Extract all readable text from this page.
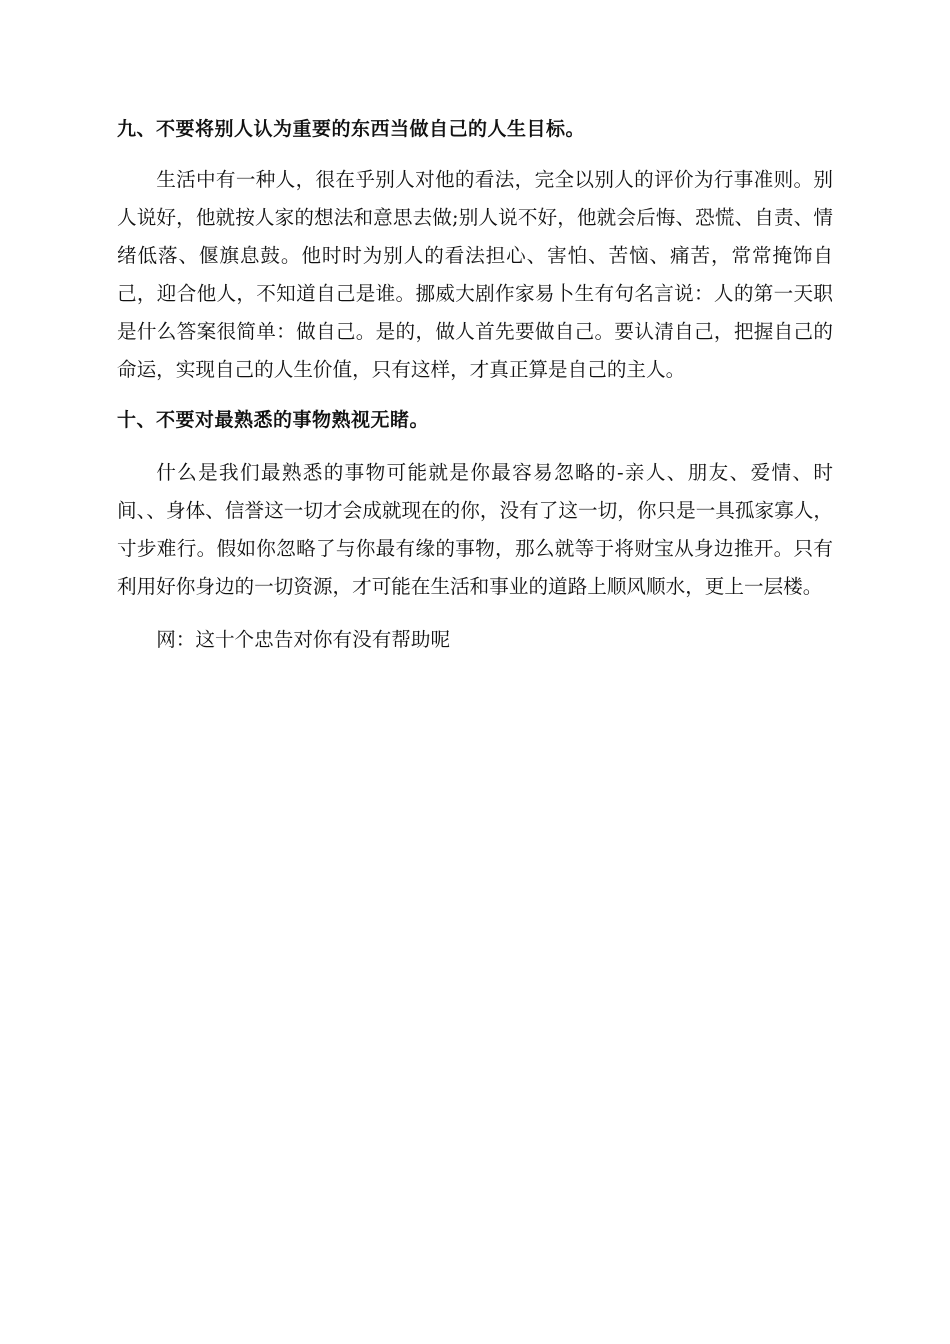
九、不要将别人认为重要的东西当做自己的人生目标。

生活中有一种人，很在乎别人对他的看法，完全以别人的评价为行事准则。别人说好，他就按人家的想法和意思去做;别人说不好，他就会后悔、恐慌、自责、情绪低落、偃旗息鼓。他时时为别人的看法担心、害怕、苦恼、痛苦，常常掩饰自己，迎合他人，不知道自己是谁。挪威大剧作家易卜生有句名言说：人的第一天职是什么答案很简单：做自己。是的，做人首先要做自己。要认清自己，把握自己的命运，实现自己的人生价值，只有这样，才真正算是自己的主人。

十、不要对最熟悉的事物熟视无睹。

什么是我们最熟悉的事物可能就是你最容易忽略的-亲人、朋友、爱情、时间、、身体、信誉这一切才会成就现在的你，没有了这一切，你只是一具孤家寡人，寸步难行。假如你忽略了与你最有缘的事物，那么就等于将财宝从身边推开。只有利用好你身边的一切资源，才可能在生活和事业的道路上顺风顺水，更上一层楼。

网：这十个忠告对你有没有帮助呢
